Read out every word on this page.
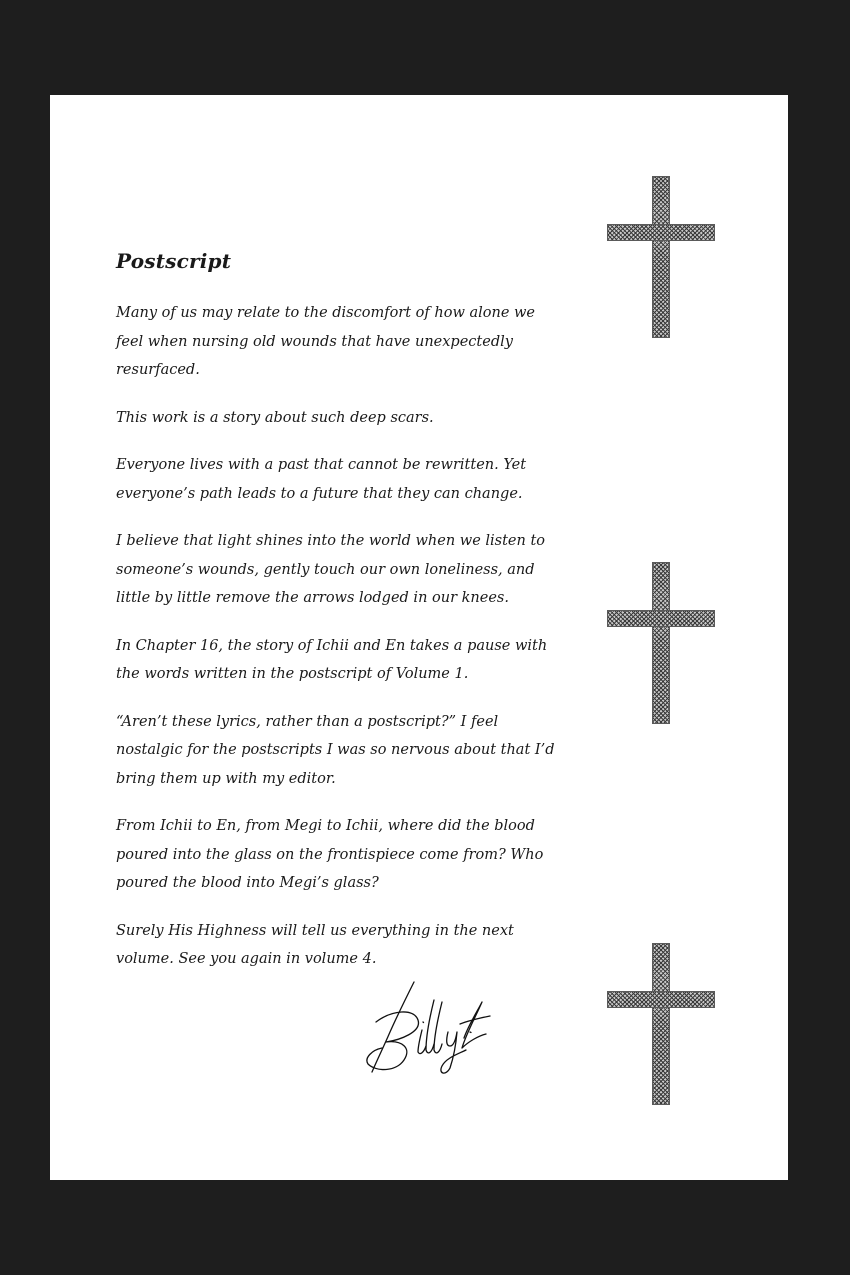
Postscript

Many of us may relate to the discomfort of how alone we feel when nursing old wounds that have unexpectedly resurfaced.

This work is a story about such deep scars.

Everyone lives with a past that cannot be rewritten. Yet everyone’s path leads to a future that they can change.

I believe that light shines into the world when we listen to someone’s wounds, gently touch our own loneliness, and little by little remove the arrows lodged in our knees.

In Chapter 16, the story of Ichii and En takes a pause with the words written in the postscript of Volume 1.

“Aren’t these lyrics, rather than a postscript?” I feel nostalgic for the postscripts I was so nervous about that I’d bring them up with my editor.

From Ichii to En, from Megi to Ichii, where did the blood poured into the glass on the frontispiece come from? Who poured the blood into Megi’s glass?

Surely His Highness will tell us everything in the next volume. See you again in volume 4.
